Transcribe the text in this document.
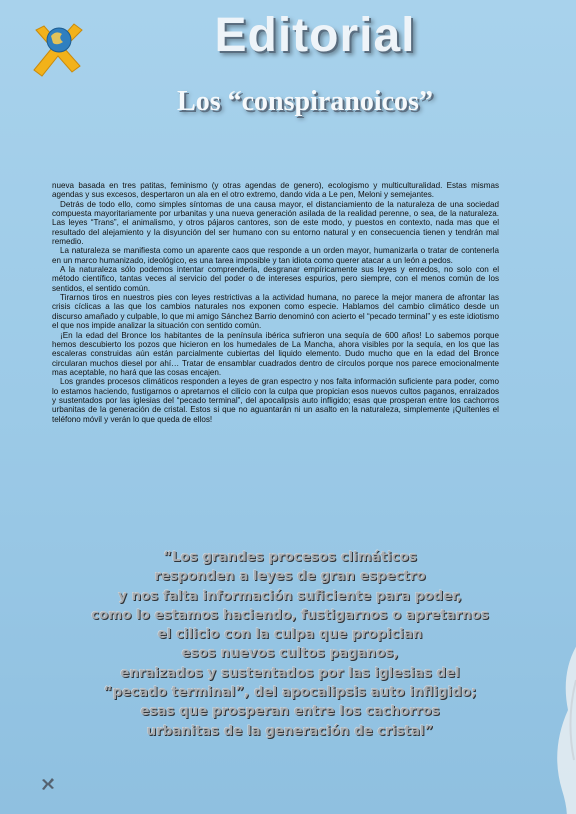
Editorial
Los “conspiranoicos”

nueva basada en tres patitas, feminismo (y otras agendas de genero), ecologismo y multiculturalidad. Estas mismas agendas y sus excesos, despertaron un ala en el otro extremo, dando vida a Le pen, Meloni y semejantes.

Detrás de todo ello, como simples síntomas de una causa mayor, el distanciamiento de la naturaleza de una sociedad compuesta mayoritariamente por urbanitas y una nueva generación asilada de la realidad perenne, o sea, de la naturaleza. Las leyes “Trans”, el animalismo, y otros pájaros cantores, son de este modo, y puestos en contexto, nada mas que el resultado del alejamiento y la disyunción del ser humano con su entorno natural y en consecuencia tienen y tendrán mal remedio.

La naturaleza se manifiesta como un aparente caos que responde a un orden mayor, humanizarla o tratar de contenerla en un marco humanizado, ideológico, es una tarea imposible y tan idiota como querer atacar a un león a pedos.

A la naturaleza sólo podemos intentar comprenderla, desgranar empíricamente sus leyes y enredos, no solo con el método científico, tantas veces al servicio del poder o de intereses espurios, pero siempre, con el menos común de los sentidos, el sentido común.

Tirarnos tiros en nuestros pies con leyes restrictivas a la actividad humana, no parece la mejor manera de afrontar las crisis cíclicas a las que los cambios naturales nos exponen como especie. Hablamos del cambio climático desde un discurso amañado y culpable, lo que mi amigo Sánchez Barrio denominó con acierto el “pecado terminal” y es este idiotismo el que nos impide analizar la situación con sentido común.

¡En la edad del Bronce los habitantes de la península ibérica sufrieron una sequía de 600 años! Lo sabemos porque hemos descubierto los pozos que hicieron en los humedales de La Mancha, ahora visibles por la sequía, en los que las escaleras construidas aún están parcialmente cubiertas del liquido elemento. Dudo mucho que en la edad del Bronce circularan muchos diesel por ahí… Tratar de ensamblar cuadrados dentro de círculos porque nos parece emocionalmente mas aceptable, no hará que las cosas encajen.

Los grandes procesos climáticos responden a leyes de gran espectro y nos falta información suficiente para poder, como lo estamos haciendo, fustigarnos o apretarnos el cilicio con la culpa que propician esos nuevos cultos paganos, enraizados y sustentados por las iglesias del “pecado terminal”, del apocalipsis auto infligido; esas que prosperan entre los cachorros urbanitas de la generación de cristal. Estos si que no aguantarán ni un asalto en la naturaleza, simplemente ¡Quítenles el teléfono móvil y verán lo que queda de ellos!

“Los grandes procesos climáticos
responden a leyes de gran espectro
y nos falta información suficiente para poder,
como lo estamos haciendo, fustigarnos o apretarnos
el cilicio con la culpa que propician
esos nuevos cultos paganos,
enraizados y sustentados por las iglesias del
“pecado terminal”, del apocalipsis auto infligido;
esas que prosperan entre los cachorros
urbanitas de la generación de cristal”
